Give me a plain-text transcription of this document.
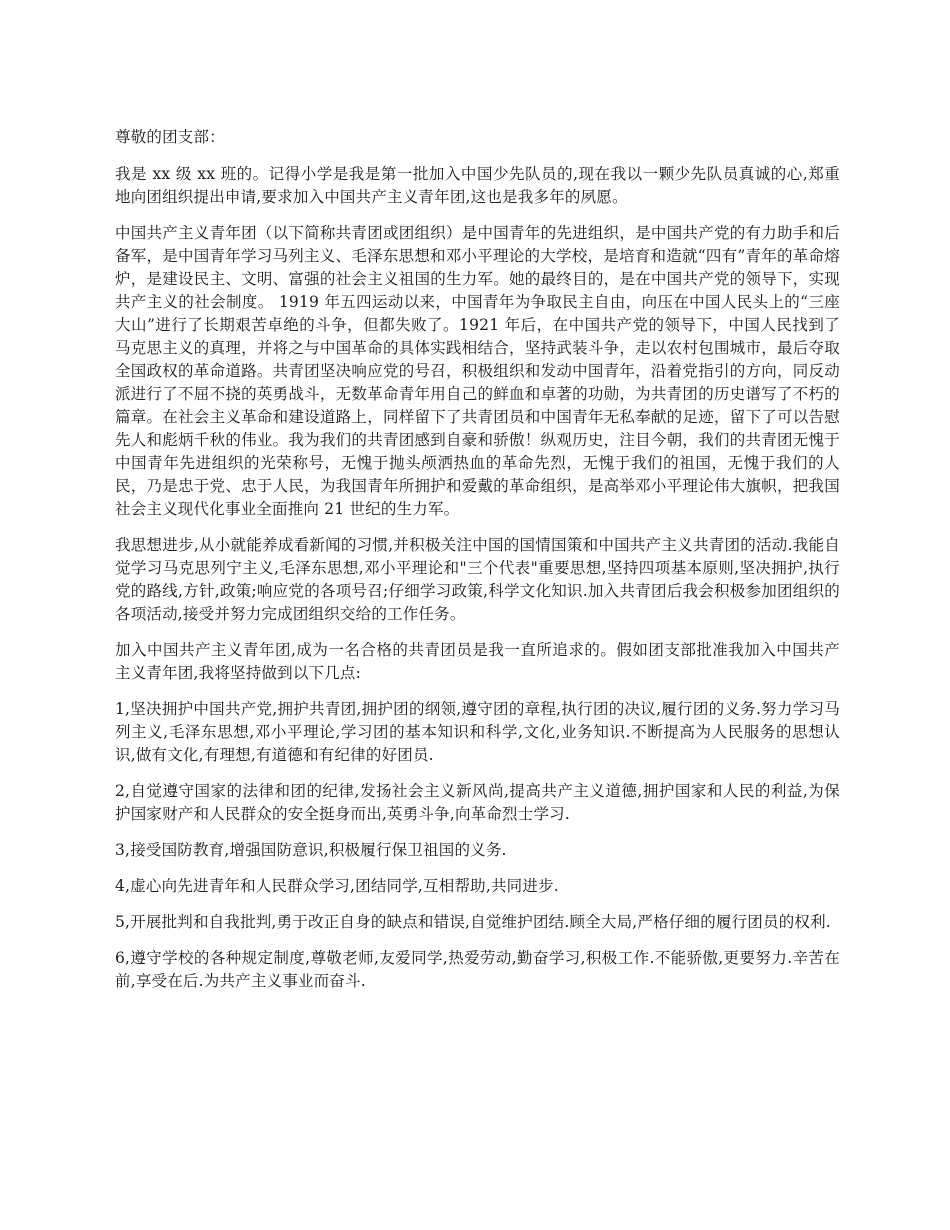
尊敬的团支部：

我是 xx 级 xx 班的。记得小学是我是第一批加入中国少先队员的,现在我以一颗少先队员真诚的心,郑重地向团组织提出申请,要求加入中国共产主义青年团,这也是我多年的夙愿。

中国共产主义青年团（以下简称共青团或团组织）是中国青年的先进组织，是中国共产党的有力助手和后备军，是中国青年学习马列主义、毛泽东思想和邓小平理论的大学校，是培育和造就“四有”青年的革命熔炉，是建设民主、文明、富强的社会主义祖国的生力军。她的最终目的，是在中国共产党的领导下，实现共产主义的社会制度。 1919 年五四运动以来，中国青年为争取民主自由，向压在中国人民头上的“三座大山”进行了长期艰苦卓绝的斗争，但都失败了。1921 年后，在中国共产党的领导下，中国人民找到了马克思主义的真理，并将之与中国革命的具体实践相结合，坚持武装斗争，走以农村包围城市，最后夺取全国政权的革命道路。共青团坚决响应党的号召，积极组织和发动中国青年，沿着党指引的方向，同反动派进行了不屈不挠的英勇战斗，无数革命青年用自己的鲜血和卓著的功勋，为共青团的历史谱写了不朽的篇章。在社会主义革命和建设道路上，同样留下了共青团员和中国青年无私奉献的足迹，留下了可以告慰先人和彪炳千秋的伟业。我为我们的共青团感到自豪和骄傲！纵观历史，注目今朝，我们的共青团无愧于中国青年先进组织的光荣称号，无愧于抛头颅洒热血的革命先烈，无愧于我们的祖国，无愧于我们的人民，乃是忠于党、忠于人民，为我国青年所拥护和爱戴的革命组织，是高举邓小平理论伟大旗帜，把我国社会主义现代化事业全面推向 21 世纪的生力军。

我思想进步,从小就能养成看新闻的习惯,并积极关注中国的国情国策和中国共产主义共青团的活动.我能自觉学习马克思列宁主义,毛泽东思想,邓小平理论和"三个代表"重要思想,坚持四项基本原则,坚决拥护,执行党的路线,方针,政策;响应党的各项号召;仔细学习政策,科学文化知识.加入共青团后我会积极参加团组织的各项活动,接受并努力完成团组织交给的工作任务。

加入中国共产主义青年团,成为一名合格的共青团员是我一直所追求的。假如团支部批准我加入中国共产主义青年团,我将坚持做到以下几点:

1,坚决拥护中国共产党,拥护共青团,拥护团的纲领,遵守团的章程,执行团的决议,履行团的义务.努力学习马列主义,毛泽东思想,邓小平理论,学习团的基本知识和科学,文化,业务知识.不断提高为人民服务的思想认识,做有文化,有理想,有道德和有纪律的好团员.

2,自觉遵守国家的法律和团的纪律,发扬社会主义新风尚,提高共产主义道德,拥护国家和人民的利益,为保护国家财产和人民群众的安全挺身而出,英勇斗争,向革命烈士学习.

3,接受国防教育,增强国防意识,积极履行保卫祖国的义务.

4,虚心向先进青年和人民群众学习,团结同学,互相帮助,共同进步.

5,开展批判和自我批判,勇于改正自身的缺点和错误,自觉维护团结.顾全大局,严格仔细的履行团员的权利.

6,遵守学校的各种规定制度,尊敬老师,友爱同学,热爱劳动,勤奋学习,积极工作.不能骄傲,更要努力.辛苦在前,享受在后.为共产主义事业而奋斗.
